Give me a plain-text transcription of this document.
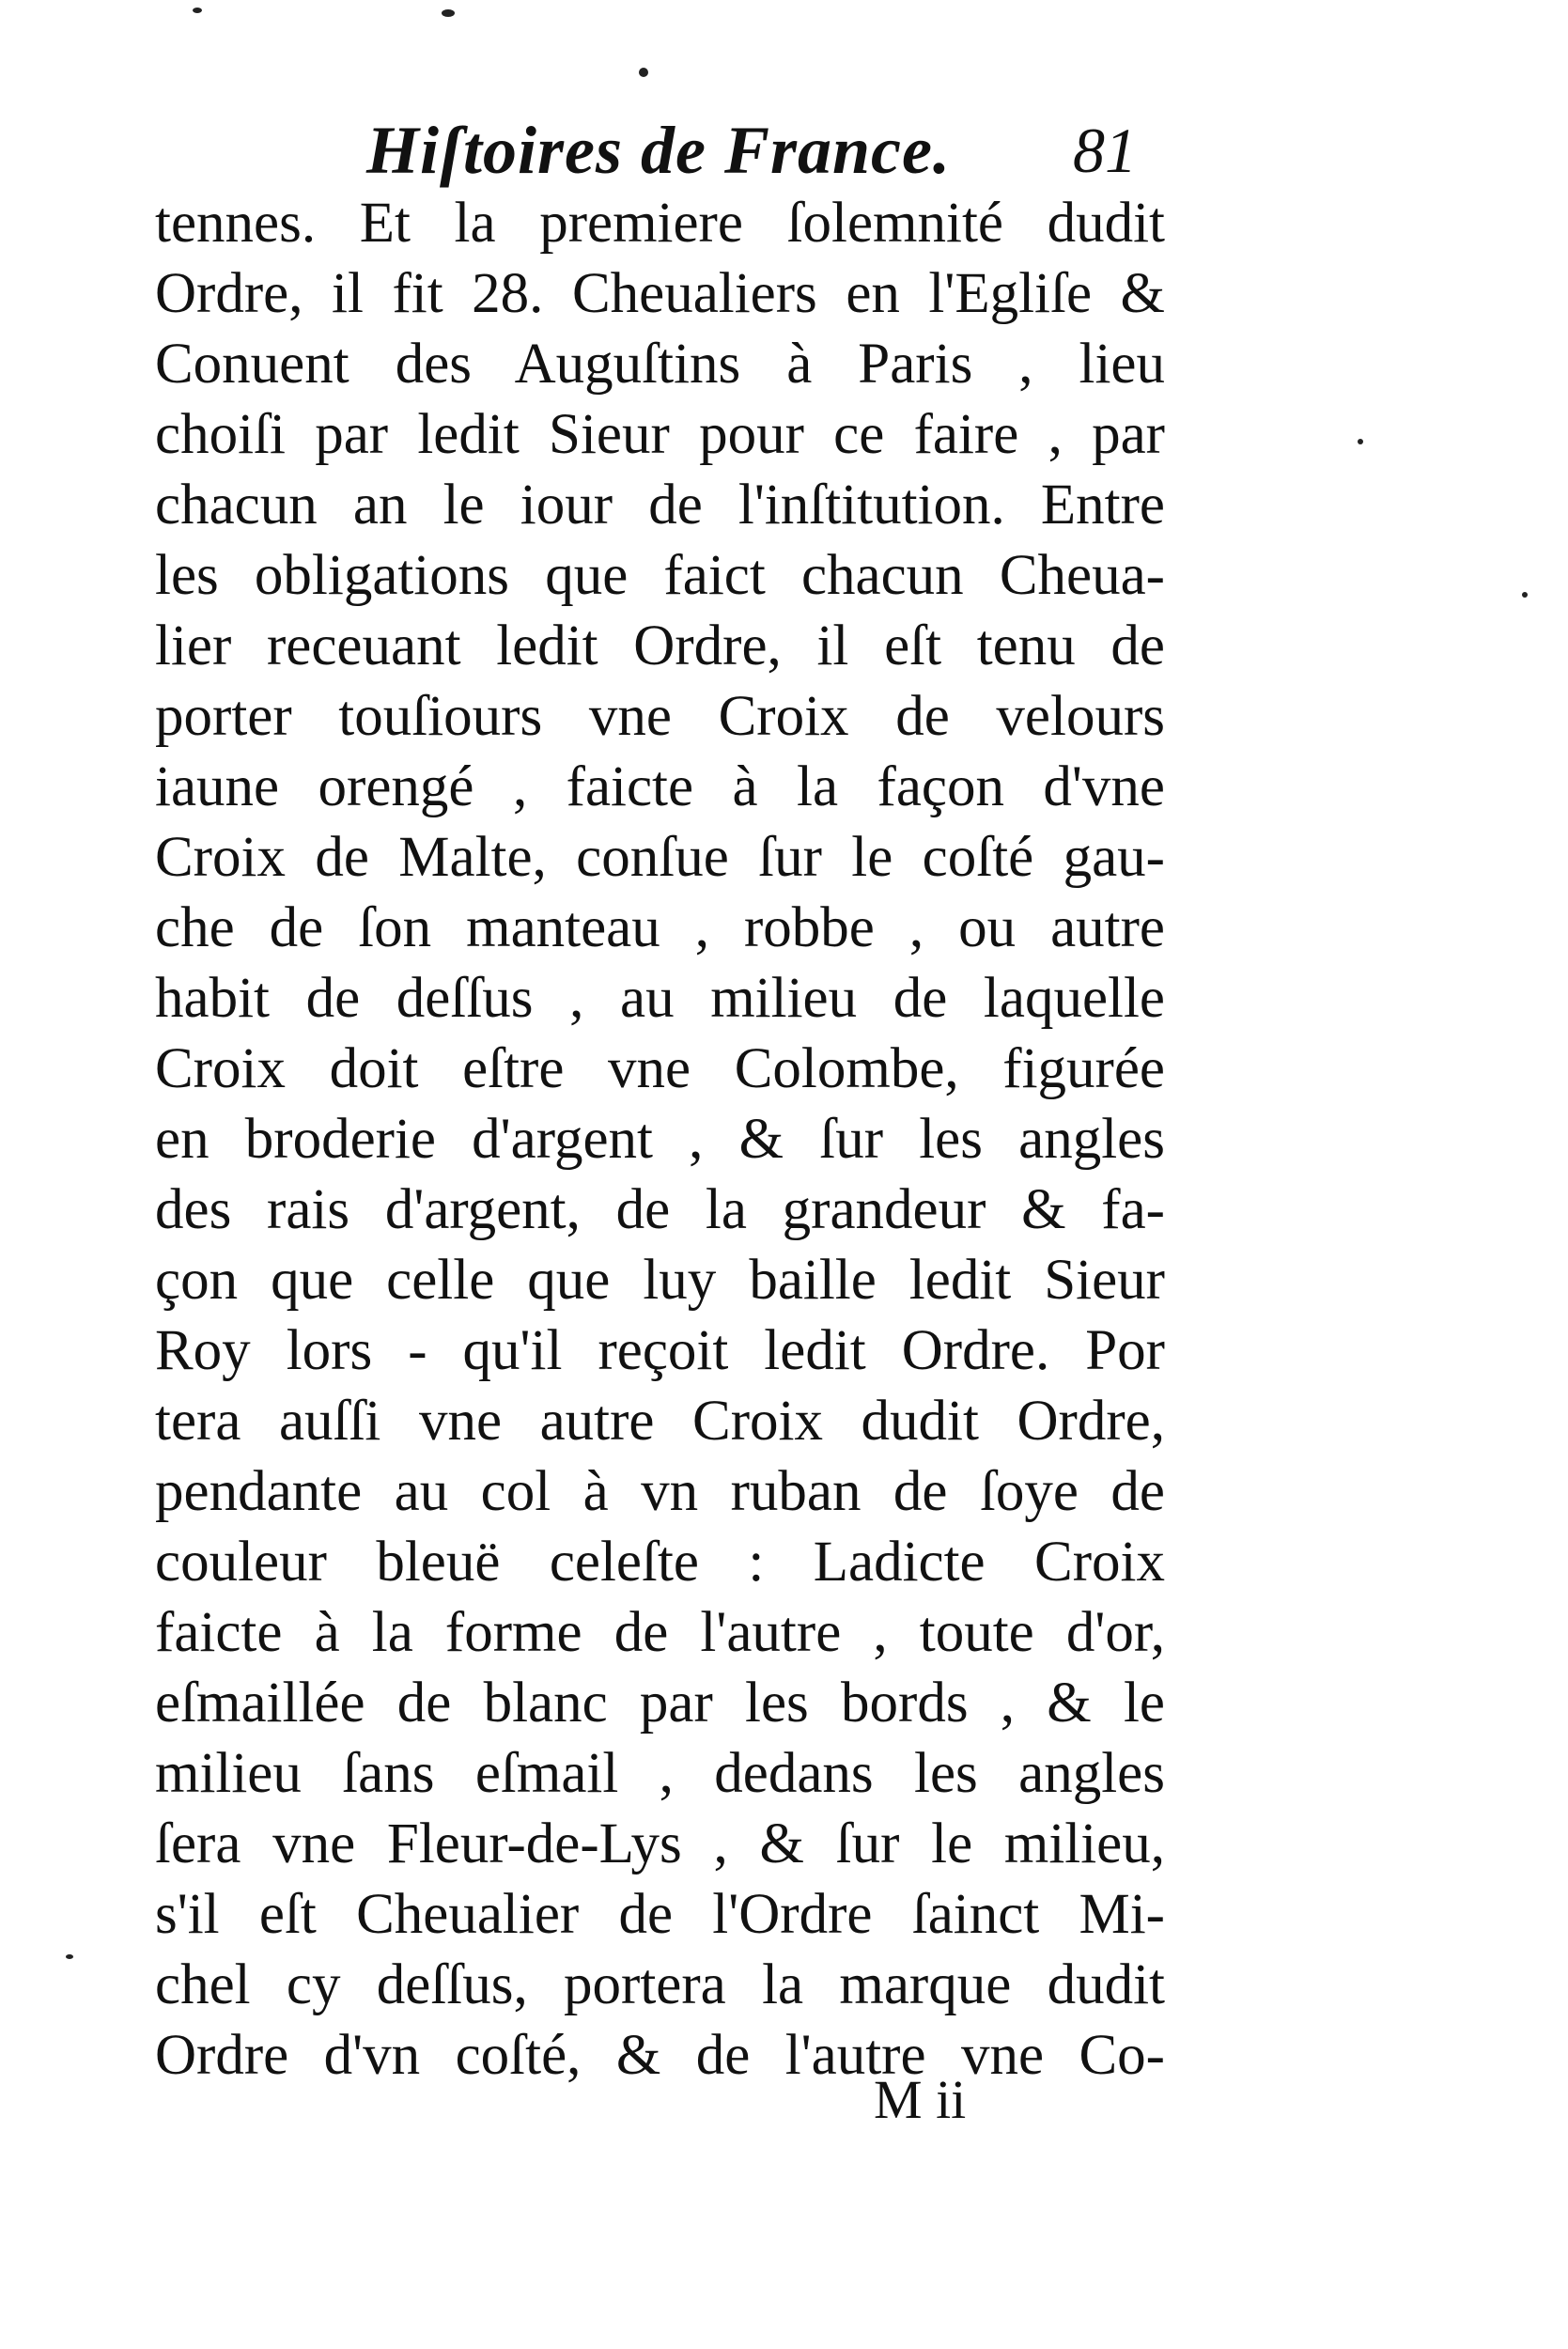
Hiſtoires de France. 81
tennes. Et la premiere ſolemnité dudit
Ordre, il fit 28. Cheualiers en l'Egliſe &
Conuent des Auguſtins à Paris , lieu
choiſi par ledit Sieur pour ce faire , par
chacun an le iour de l'inſtitution. Entre
les obligations que faict chacun Cheua-
lier receuant ledit Ordre, il eſt tenu de
porter touſiours vne Croix de velours
iaune orengé , faicte à la façon d'vne
Croix de Malte, conſue ſur le coſté gau-
che de ſon manteau , robbe , ou autre
habit de deſſus , au milieu de laquelle
Croix doit eſtre vne Colombe, figurée
en broderie d'argent , & ſur les angles
des rais d'argent, de la grandeur & fa-
çon que celle que luy baille ledit Sieur
Roy lors - qu'il reçoit ledit Ordre. Por
tera auſſi vne autre Croix dudit Ordre,
pendante au col à vn ruban de ſoye de
couleur bleuë celeſte : Ladicte Croix
faicte à la forme de l'autre , toute d'or,
eſmaillée de blanc par les bords , & le
milieu ſans eſmail , dedans les angles
ſera vne Fleur-de-Lys , & ſur le milieu,
s'il eſt Cheualier de l'Ordre ſainct Mi-
chel cy deſſus, portera la marque dudit
Ordre d'vn coſté, & de l'autre vne Co-
M ii
